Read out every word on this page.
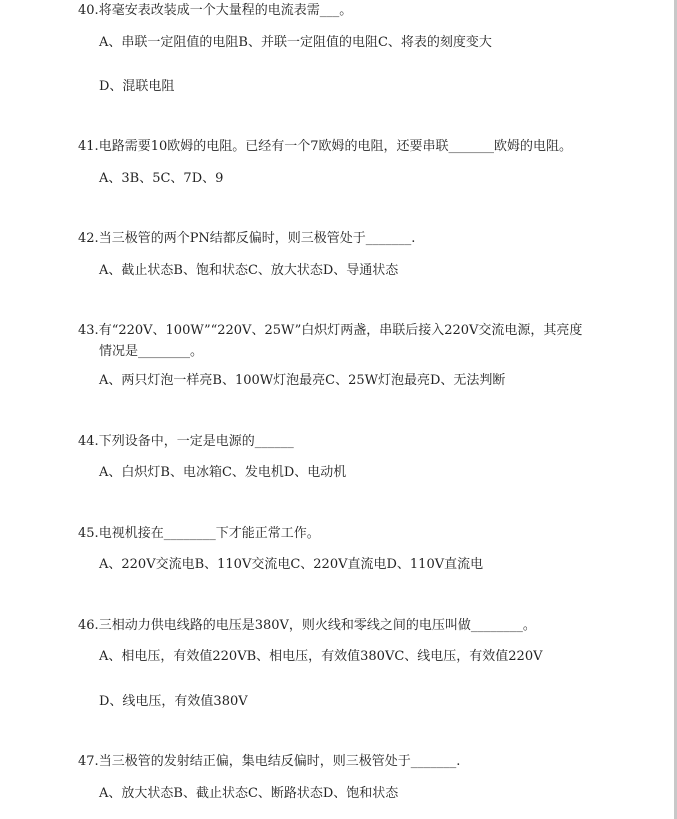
40.将毫安表改装成一个大量程的电流表需___。
A、串联一定阻值的电阻B、并联一定阻值的电阻C、将表的刻度变大
D、混联电阻
41.电路需要10欧姆的电阻。已经有一个7欧姆的电阻，还要串联_______欧姆的电阻。
A、3B、5C、7D、9
42.当三极管的两个PN结都反偏时，则三极管处于_______.
A、截止状态B、饱和状态C、放大状态D、导通状态
43.有“220V、100W”“220V、25W”白炽灯两盏，串联后接入220V交流电源，其亮度
情况是________。
A、两只灯泡一样亮B、100W灯泡最亮C、25W灯泡最亮D、无法判断
44.下列设备中，一定是电源的______
A、白炽灯B、电冰箱C、发电机D、电动机
45.电视机接在________下才能正常工作。
A、220V交流电B、110V交流电C、220V直流电D、110V直流电
46.三相动力供电线路的电压是380V，则火线和零线之间的电压叫做________。
A、相电压，有效值220VB、相电压，有效值380VC、线电压，有效值220V
D、线电压，有效值380V
47.当三极管的发射结正偏，集电结反偏时，则三极管处于_______.
A、放大状态B、截止状态C、断路状态D、饱和状态
